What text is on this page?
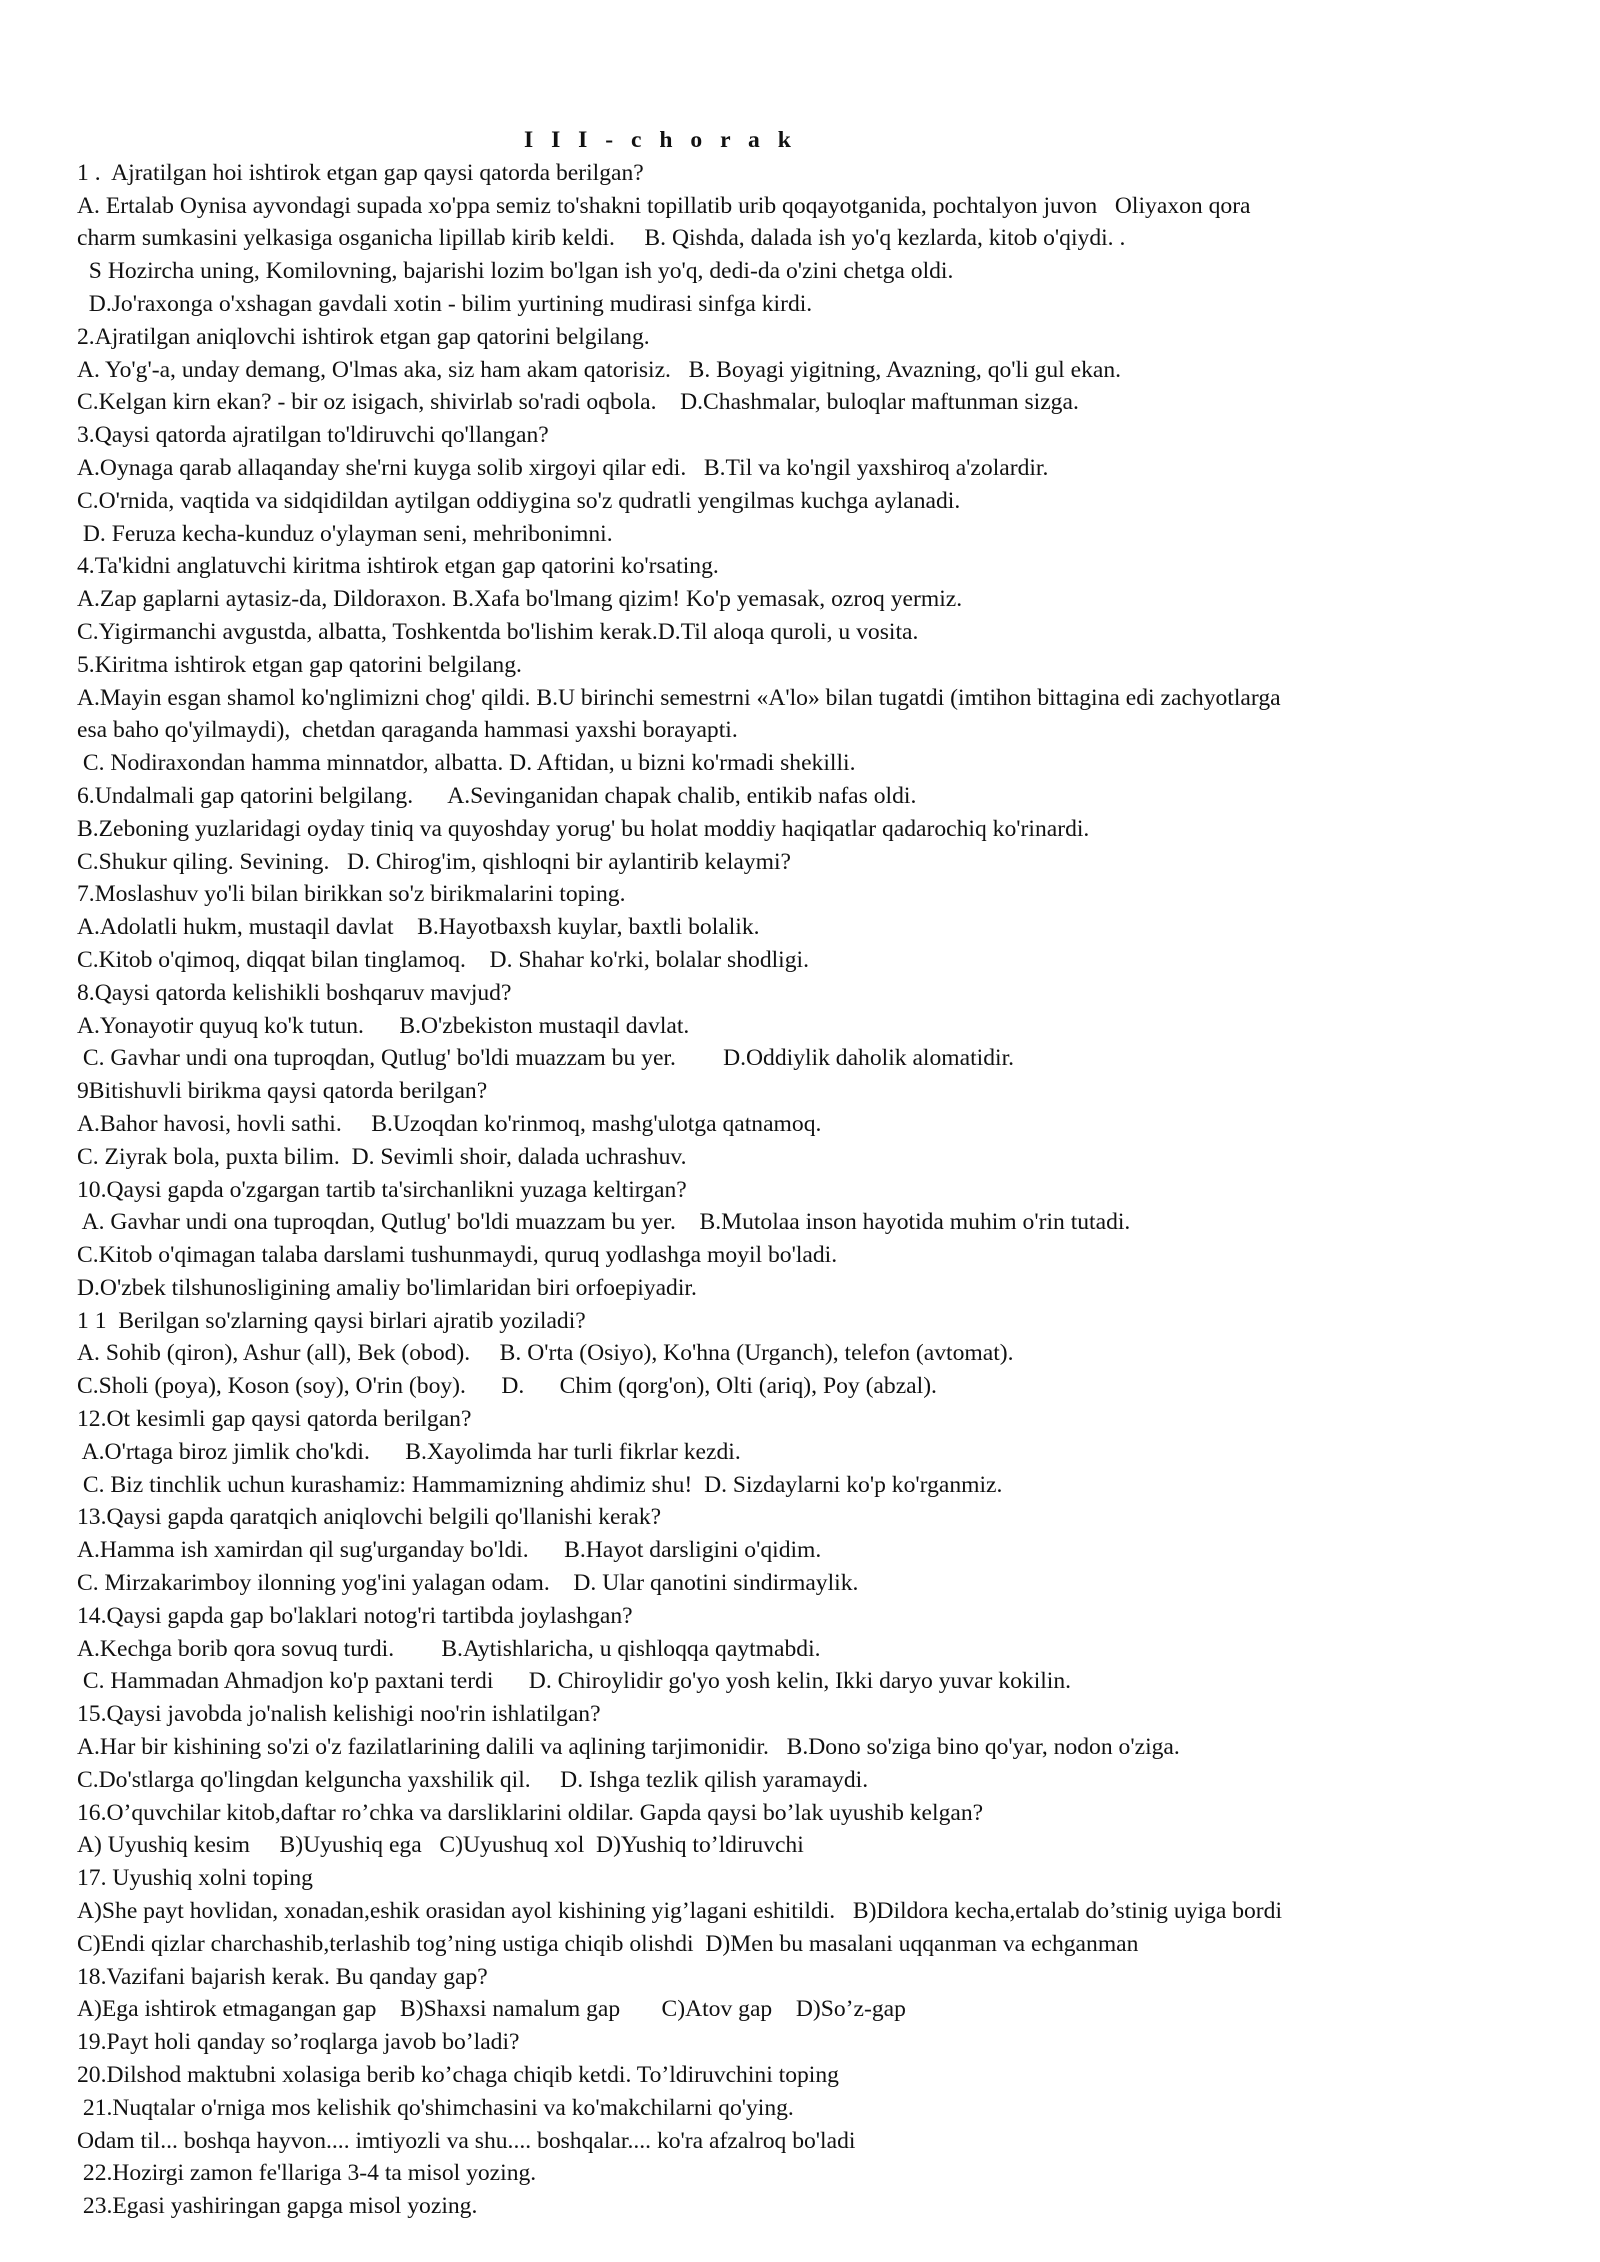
I I I - c h o r a k
1 .  Ajratilgan hoi ishtirok etgan gap qaysi qatorda berilgan?
A. Ertalab Oynisa ayvondagi supada xo'ppa semiz to'shakni topillatib urib qoqayotganida, pochtalyon juvon   Oliyaxon qora
charm sumkasini yelkasiga osganicha lipillab kirib keldi.     B. Qishda, dalada ish yo'q kezlarda, kitob o'qiydi. .
S Hozircha uning, Komilovning, bajarishi lozim bo'lgan ish yo'q, dedi-da o'zini chetga oldi.
D.Jo'raxonga o'xshagan gavdali xotin - bilim yurtining mudirasi sinfga kirdi.
2.Ajratilgan aniqlovchi ishtirok etgan gap qatorini belgilang.
A. Yo'g'-a, unday demang, O'lmas aka, siz ham akam qatorisiz.   B. Boyagi yigitning, Avazning, qo'li gul ekan.
C.Kelgan kirn ekan? - bir oz isigach, shivirlab so'radi oqbola.    D.Chashmalar, buloqlar maftunman sizga.
3.Qaysi qatorda ajratilgan to'ldiruvchi qo'llangan?
A.Oynaga qarab allaqanday she'rni kuyga solib xirgoyi qilar edi.   B.Til va ko'ngil yaxshiroq a'zolardir.
C.O'rnida, vaqtida va sidqidildan aytilgan oddiygina so'z qudratli yengilmas kuchga aylanadi.
D. Feruza kecha-kunduz o'ylayman seni, mehribonimni.
4.Ta'kidni anglatuvchi kiritma ishtirok etgan gap qatorini ko'rsating.
A.Zap gaplarni aytasiz-da, Dildoraxon. B.Xafa bo'lmang qizim! Ko'p yemasak, ozroq yermiz.
C.Yigirmanchi avgustda, albatta, Toshkentda bo'lishim kerak.D.Til aloqa quroli, u vosita.
5.Kiritma ishtirok etgan gap qatorini belgilang.
A.Mayin esgan shamol ko'nglimizni chog' qildi. B.U birinchi semestrni «A'lo» bilan tugatdi (imtihon bittagina edi zachyotlarga
esa baho qo'yilmaydi),  chetdan qaraganda hammasi yaxshi borayapti.
C. Nodiraxondan hamma minnatdor, albatta. D. Aftidan, u bizni ko'rmadi shekilli.
6.Undalmali gap qatorini belgilang.      A.Sevinganidan chapak chalib, entikib nafas oldi.
B.Zeboning yuzlaridagi oyday tiniq va quyoshday yorug' bu holat moddiy haqiqatlar qadarochiq ko'rinardi.
C.Shukur qiling. Sevining.   D. Chirog'im, qishloqni bir aylantirib kelaymi?
7.Moslashuv yo'li bilan birikkan so'z birikmalarini toping.
A.Adolatli hukm, mustaqil davlat    B.Hayotbaxsh kuylar, baxtli bolalik.
C.Kitob o'qimoq, diqqat bilan tinglamoq.    D. Shahar ko'rki, bolalar shodligi.
8.Qaysi qatorda kelishikli boshqaruv mavjud?
A.Yonayotir quyuq ko'k tutun.      B.O'zbekiston mustaqil davlat.
C. Gavhar undi ona tuproqdan, Qutlug' bo'ldi muazzam bu yer.        D.Oddiylik daholik alomatidir.
9Bitishuvli birikma qaysi qatorda berilgan?
A.Bahor havosi, hovli sathi.     B.Uzoqdan ko'rinmoq, mashg'ulotga qatnamoq.
C. Ziyrak bola, puxta bilim.  D. Sevimli shoir, dalada uchrashuv.
10.Qaysi gapda o'zgargan tartib ta'sirchanlikni yuzaga keltirgan?
A. Gavhar undi ona tuproqdan, Qutlug' bo'ldi muazzam bu yer.    B.Mutolaa inson hayotida muhim o'rin tutadi.
C.Kitob o'qimagan talaba darslami tushunmaydi, quruq yodlashga moyil bo'ladi.
D.O'zbek tilshunosligining amaliy bo'limlaridan biri orfoepiyadir.
1 1  Berilgan so'zlarning qaysi birlari ajratib yoziladi?
A. Sohib (qiron), Ashur (all), Bek (obod).     B. O'rta (Osiyo), Ko'hna (Urganch), telefon (avtomat).
C.Sholi (poya), Koson (soy), O'rin (boy).      D.      Chim (qorg'on), Olti (ariq), Poy (abzal).
12.Ot kesimli gap qaysi qatorda berilgan?
A.O'rtaga biroz jimlik cho'kdi.      B.Xayolimda har turli fikrlar kezdi.
C. Biz tinchlik uchun kurashamiz: Hammamizning ahdimiz shu!  D. Sizdaylarni ko'p ko'rganmiz.
13.Qaysi gapda qaratqich aniqlovchi belgili qo'llanishi kerak?
A.Hamma ish xamirdan qil sug'urganday bo'ldi.      B.Hayot darsligini o'qidim.
C. Mirzakarimboy ilonning yog'ini yalagan odam.    D. Ular qanotini sindirmaylik.
14.Qaysi gapda gap bo'laklari notog'ri tartibda joylashgan?
A.Kechga borib qora sovuq turdi.        B.Aytishlaricha, u qishloqqa qaytmabdi.
C. Hammadan Ahmadjon ko'p paxtani terdi      D. Chiroylidir go'yo yosh kelin, Ikki daryo yuvar kokilin.
15.Qaysi javobda jo'nalish kelishigi noo'rin ishlatilgan?
A.Har bir kishining so'zi o'z fazilatlarining dalili va aqlining tarjimonidir.   B.Dono so'ziga bino qo'yar, nodon o'ziga.
C.Do'stlarga qo'lingdan kelguncha yaxshilik qil.     D. Ishga tezlik qilish yaramaydi.
16.O’quvchilar kitob,daftar ro’chka va darsliklarini oldilar. Gapda qaysi bo’lak uyushib kelgan?
A) Uyushiq kesim     B)Uyushiq ega   C)Uyushuq xol  D)Yushiq to’ldiruvchi
17. Uyushiq xolni toping
A)She payt hovlidan, xonadan,eshik orasidan ayol kishining yig’lagani eshitildi.   B)Dildora kecha,ertalab do’stinig uyiga bordi
C)Endi qizlar charchashib,terlashib tog’ning ustiga chiqib olishdi  D)Men bu masalani uqqanman va echganman
18.Vazifani bajarish kerak. Bu qanday gap?
A)Ega ishtirok etmagangan gap    B)Shaxsi namalum gap       C)Atov gap    D)So’z-gap
19.Payt holi qanday so’roqlarga javob bo’ladi?
20.Dilshod maktubni xolasiga berib ko’chaga chiqib ketdi. To’ldiruvchini toping
21.Nuqtalar o'rniga mos kelishik qo'shimchasini va ko'makchilarni qo'ying.
Odam til... boshqa hayvon.... imtiyozli va shu.... boshqalar.... ko'ra afzalroq bo'ladi
22.Hozirgi zamon fe'llariga 3-4 ta misol yozing.
23.Egasi yashiringan gapga misol yozing.
